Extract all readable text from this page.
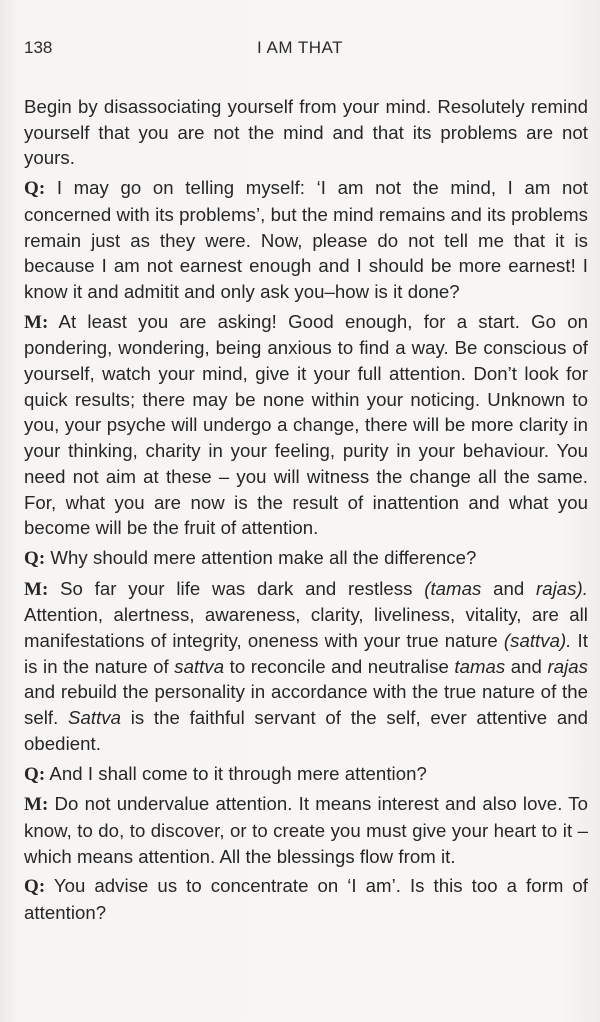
138	I AM THAT

Begin by disassociating yourself from your mind. Resolutely remind yourself that you are not the mind and that its problems are not yours.

Q: I may go on telling myself: ‘I am not the mind, I am not concerned with its problems’, but the mind remains and its problems remain just as they were. Now, please do not tell me that it is because I am not earnest enough and I should be more earnest! I know it and admitit and only ask you–how is it done?

M: At least you are asking! Good enough, for a start. Go on pondering, wondering, being anxious to find a way. Be conscious of yourself, watch your mind, give it your full attention. Don’t look for quick results; there may be none within your noticing. Unknown to you, your psyche will undergo a change, there will be more clarity in your thinking, charity in your feeling, purity in your behaviour. You need not aim at these – you will witness the change all the same. For, what you are now is the result of inattention and what you become will be the fruit of attention.

Q: Why should mere attention make all the difference?

M: So far your life was dark and restless (tamas and rajas). Attention, alertness, awareness, clarity, liveliness, vitality, are all manifestations of integrity, oneness with your true nature (sattva). It is in the nature of sattva to reconcile and neutralise tamas and rajas and rebuild the personality in accordance with the true nature of the self. Sattva is the faithful servant of the self, ever attentive and obedient.

Q: And I shall come to it through mere attention?

M: Do not undervalue attention. It means interest and also love. To know, to do, to discover, or to create you must give your heart to it – which means attention. All the blessings flow from it.

Q: You advise us to concentrate on ‘I am’. Is this too a form of attention?
